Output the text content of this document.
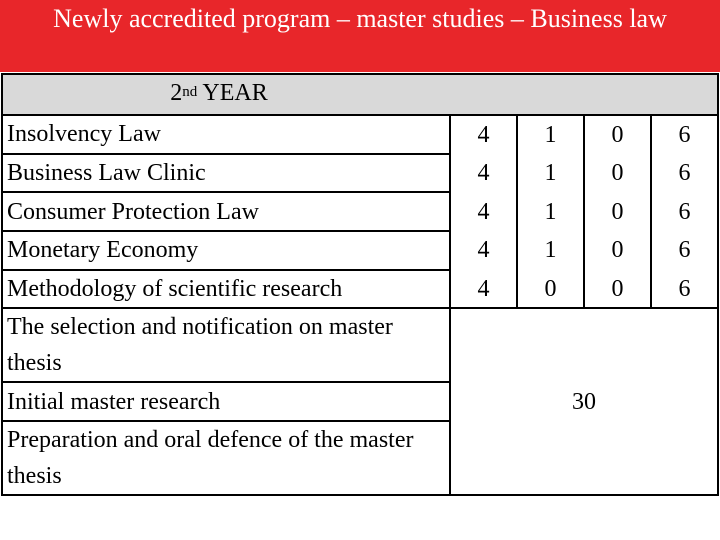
Newly accredited program – master studies – Business law
2nd YEAR				
Insolvency Law	4	1	0	6
Business Law Clinic	4	1	0	6
Consumer Protection Law	4	1	0	6
Monetary Economy	4	1	0	6
Methodology of scientific research	4	0	0	6
The selection and notification on master thesis	30			
Initial master research				
Preparation and oral defence of the master thesis				
